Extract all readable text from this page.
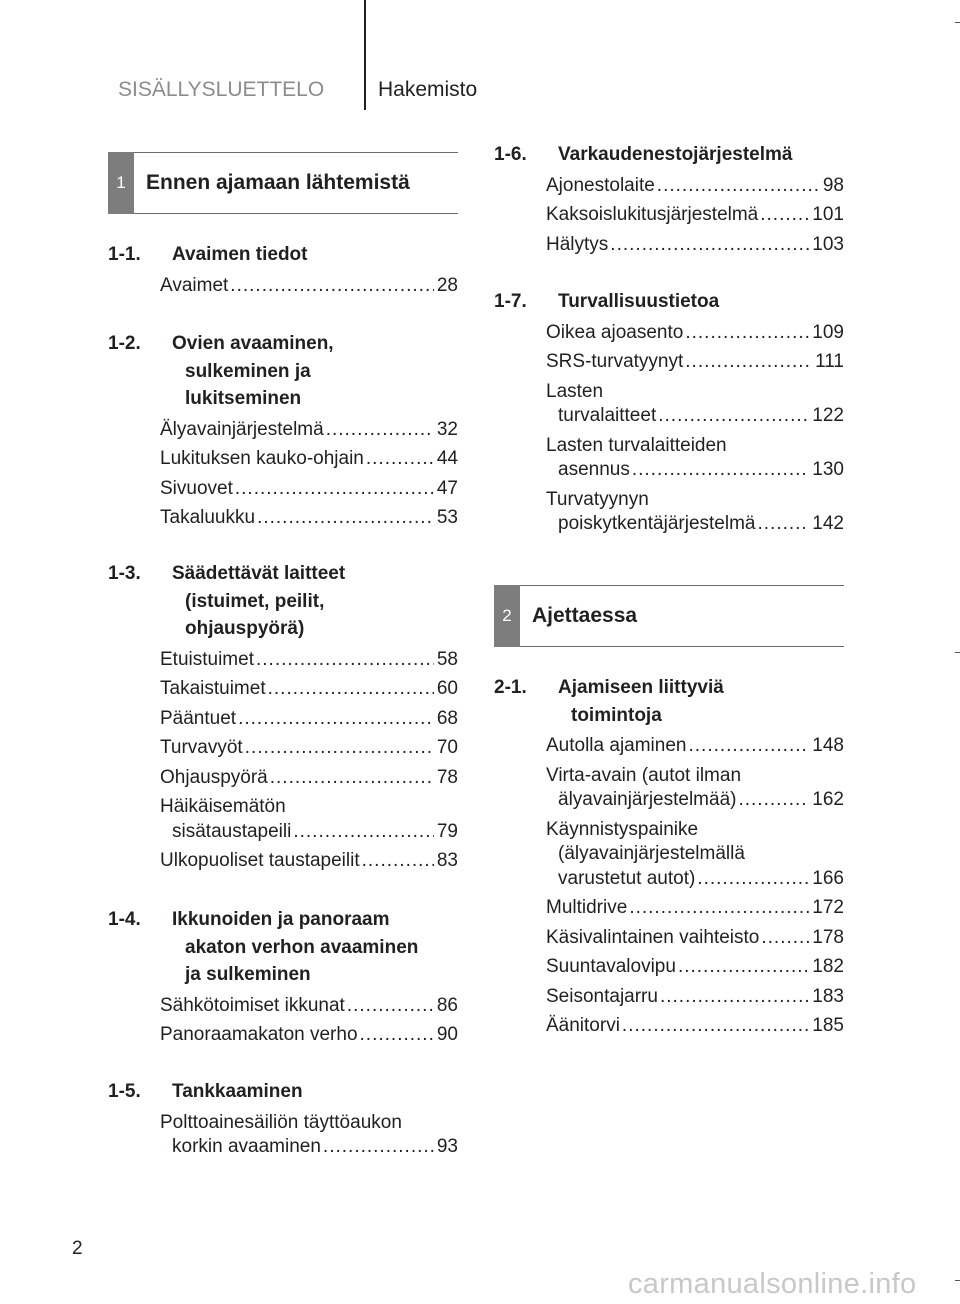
SISÄLLYSLUETTELO	Hakemisto
1 Ennen ajamaan lähtemistä
1-1.	Avaimen tiedot
Avaimet .....	28
1-2.	Ovien avaaminen,
sulkeminen ja
lukitseminen
Älyavainjärjestelmä .....	32
Lukituksen kauko-ohjain .....	44
Sivuovet .....	47
Takaluukku .....	53
1-3.	Säädettävät laitteet
(istuimet, peilit,
ohjauspyörä)
Etuistuimet .....	58
Takaistuimet .....	60
Pääntuet .....	68
Turvavyöt .....	70
Ohjauspyörä .....	78
Häikäisemätön
sisätaustapeili .....	79
Ulkopuoliset taustapeilit .....	83
1-4.	Ikkunoiden ja panoraam
akaton verhon avaaminen
ja sulkeminen
Sähkötoimiset ikkunat .....	86
Panoraamakaton verho .....	90
1-5.	Tankkaaminen
Polttoainesäiliön täyttöaukon
korkin avaaminen .....	93
1-6.	Varkaudenestojärjestelmä
Ajonestolaite .....	98
Kaksoislukitusjärjestelmä .....	101
Hälytys .....	103
1-7.	Turvallisuustietoa
Oikea ajoasento .....	109
SRS-turvatyynyt .....	111
Lasten
turvalaitteet .....	122
Lasten turvalaitteiden
asennus .....	130
Turvatyynyn
poiskytkentäjärjestelmä .....	142
2 Ajettaessa
2-1.	Ajamiseen liittyviä
toimintoja
Autolla ajaminen .....	148
Virta-avain (autot ilman
älyavainjärjestelmää) .....	162
Käynnistyspainike
(älyavainjärjestelmällä
varustetut autot) .....	166
Multidrive .....	172
Käsivalintainen vaihteisto .....	178
Suuntavalovipu .....	182
Seisontajarru .....	183
Äänitorvi .....	185
2
carmanualsonline.info
